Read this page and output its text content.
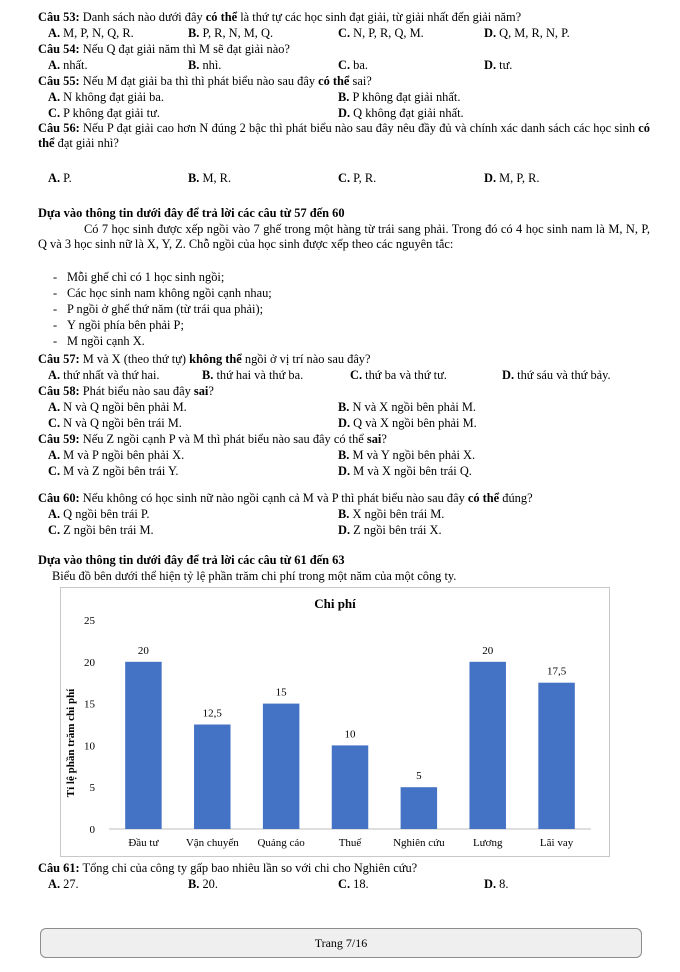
Câu 53: Danh sách nào dưới đây có thể là thứ tự các học sinh đạt giải, từ giải nhất đến giải năm?
A. M, P, N, Q, R.	B. P, R, N, M, Q.	C. N, P, R, Q, M.	D. Q, M, R, N, P.
Câu 54: Nếu Q đạt giải năm thì M sẽ đạt giải nào?
A. nhất.	B. nhì.	C. ba.	D. tư.
Câu 55: Nếu M đạt giải ba thì thì phát biểu nào sau đây có thể sai?
A. N không đạt giải ba.	B. P không đạt giải nhất.
C. P không đạt giải tư.	D. Q không đạt giải nhất.
Câu 56: Nếu P đạt giải cao hơn N đúng 2 bậc thì phát biểu nào sau đây nêu đầy đủ và chính xác danh sách các học sinh có thể đạt giải nhì?
A. P.	B. M, R.	C. P, R.	D. M, P, R.
Dựa vào thông tin dưới đây để trả lời các câu từ 57 đến 60
Có 7 học sinh được xếp ngồi vào 7 ghế trong một hàng từ trái sang phải. Trong đó có 4 học sinh nam là M, N, P, Q và 3 học sinh nữ là X, Y, Z. Chỗ ngồi của học sinh được xếp theo các nguyên tắc:
- Mỗi ghế chỉ có 1 học sinh ngồi;
- Các học sinh nam không ngồi cạnh nhau;
- P ngồi ở ghế thứ năm (từ trái qua phải);
- Y ngồi phía bên phải P;
- M ngồi cạnh X.
Câu 57: M và X (theo thứ tự) không thể ngồi ở vị trí nào sau đây?
A. thứ nhất và thứ hai.	B. thứ hai và thứ ba.	C. thứ ba và thứ tư.	D. thứ sáu và thứ bảy.
Câu 58: Phát biểu nào sau đây sai?
A. N và Q ngồi bên phải M.	B. N và X ngồi bên phải M.
C. N và Q ngồi bên trái M.	D. Q và X ngồi bên phải M.
Câu 59: Nếu Z ngồi cạnh P và M thì phát biểu nào sau đây có thể sai?
A. M và P ngồi bên phải X.	B. M và Y ngồi bên phải X.
C. M và Z ngồi bên trái Y.	D. M và X ngồi bên trái Q.
Câu 60: Nếu không có học sinh nữ nào ngồi cạnh cả M và P thì phát biểu nào sau đây có thể đúng?
A. Q ngồi bên trái P.	B. X ngồi bên trái M.
C. Z ngồi bên trái M.	D. Z ngồi bên trái X.
Dựa vào thông tin dưới đây để trả lời các câu từ 61 đến 63
Biểu đồ bên dưới thể hiện tỷ lệ phần trăm chi phí trong một năm của một công ty.
Chi phí
Tỉ lệ phần trăm chi phí
0
5
10
15
20
25
Đầu tư Vận chuyển Quảng cáo	Thuế	Nghiên cứu	Lương	Lãi vay
20
12,5
15
10
5
20
17,5
Câu 61: Tổng chi của công ty gấp bao nhiêu lần so với chi cho Nghiên cứu?
A. 27.	B. 20.	C. 18.	D. 8.
Trang 7/16
